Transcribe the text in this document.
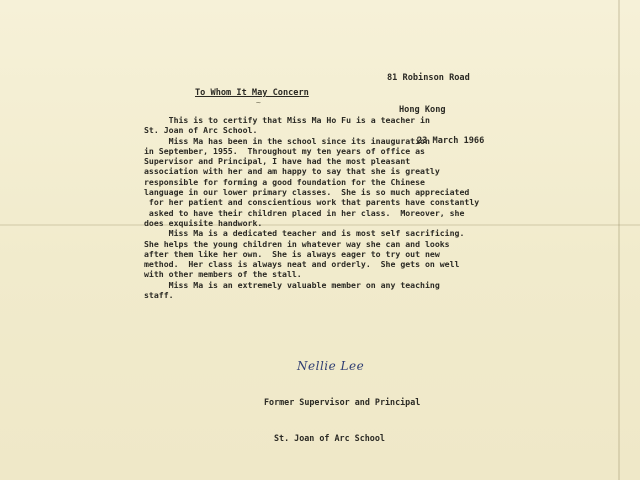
81 Robinson Road

Hong Kong

23 March 1966

To Whom It May Concern
~
This is to certify that Miss Ma Ho Fu is a teacher in
St. Joan of Arc School.
Miss Ma has been in the school since its inauguration
in September, 1955.  Throughout my ten years of office as
Supervisor and Principal, I have had the most pleasant
association with her and am happy to say that she is greatly
responsible for forming a good foundation for the Chinese
language in our lower primary classes.  She is so much appreciated
for her patient and conscientious work that parents have constantly
asked to have their children placed in her class.  Moreover, she
does exquisite handwork.
Miss Ma is a dedicated teacher and is most self sacrificing.
She helps the young children in whatever way she can and looks
after them like her own.  She is always eager to try out new
method.  Her class is always neat and orderly.  She gets on well
with other members of the stall.
Miss Ma is an extremely valuable member on any teaching
staff.
Nellie Lee

Former Supervisor and Principal

St. Joan of Arc School
